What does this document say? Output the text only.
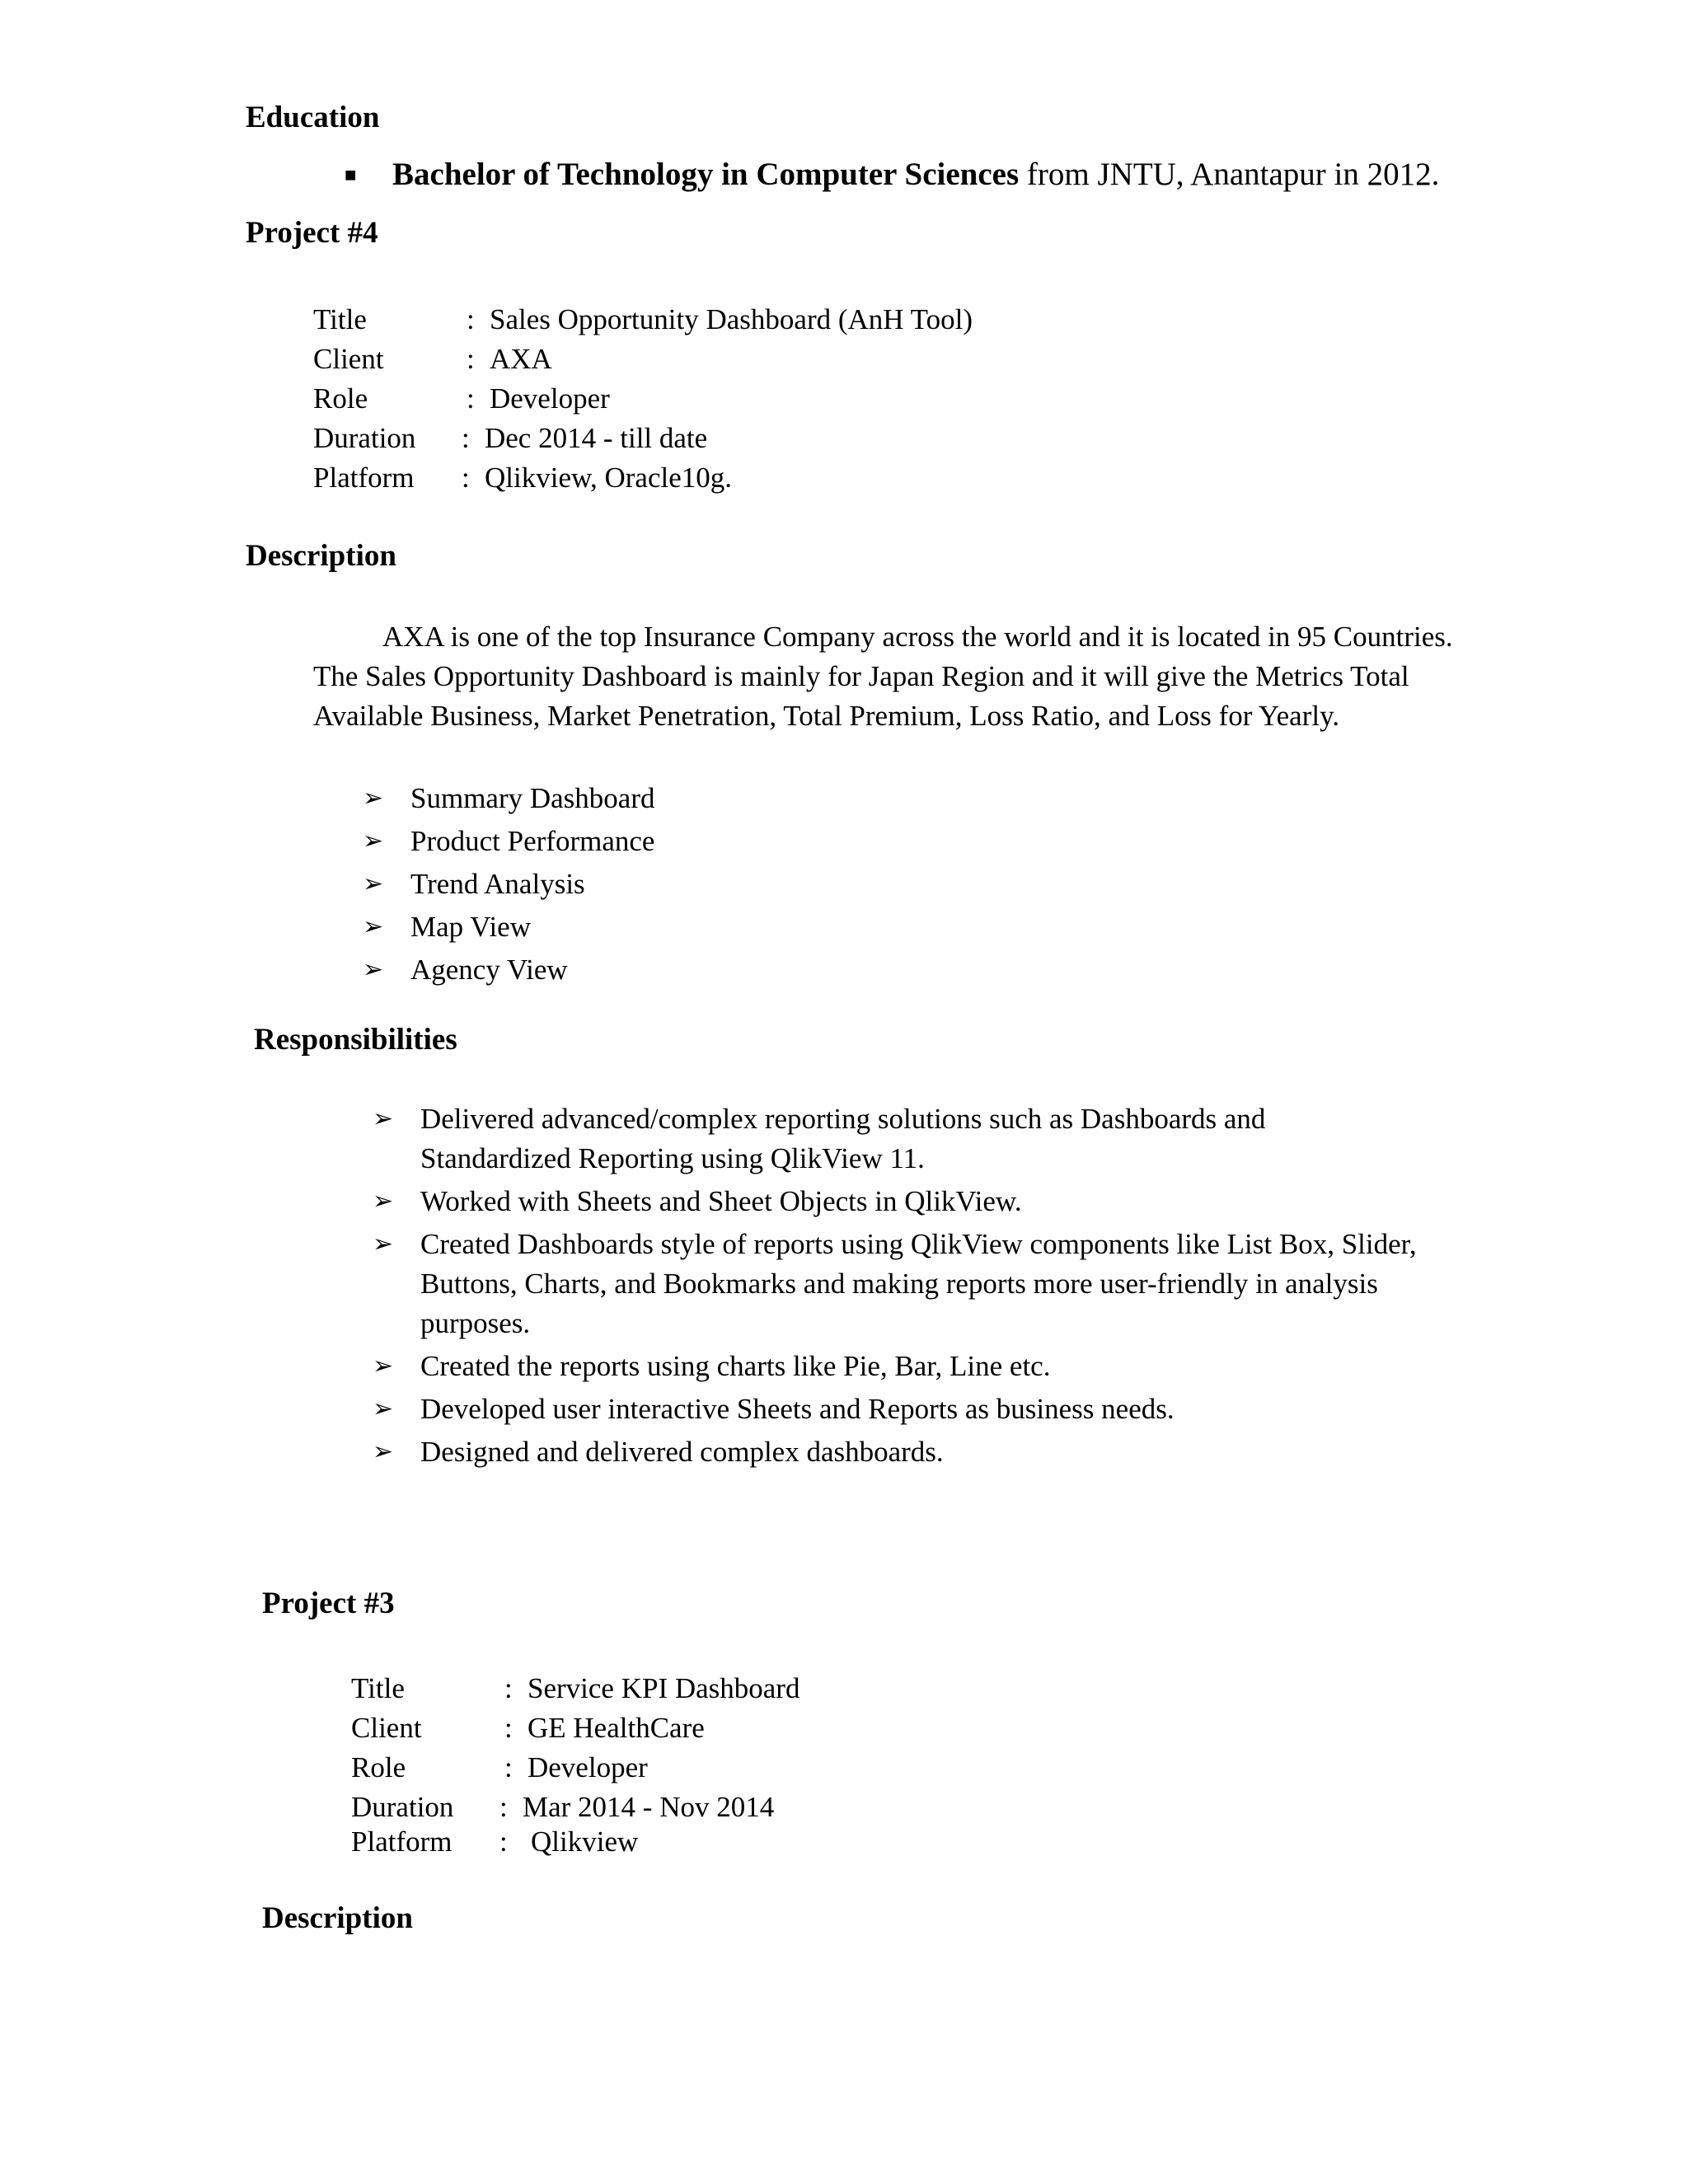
Education
■ Bachelor of Technology in Computer Sciences from JNTU, Anantapur in 2012.
Project #4
Title	: Sales Opportunity Dashboard (AnH Tool)
Client	: AXA
Role	: Developer
Duration : Dec 2014 - till date
Platform : Qlikview, Oracle10g.
Description
AXA is one of the top Insurance Company across the world and it is located in 95 Countries.
The Sales Opportunity Dashboard is mainly for Japan Region and it will give the Metrics Total
Available Business, Market Penetration, Total Premium, Loss Ratio, and Loss for Yearly.
➢ Summary Dashboard
➢ Product Performance
➢ Trend Analysis
➢ Map View
➢ Agency View
Responsibilities
➢ Delivered advanced/complex reporting solutions such as Dashboards and
Standardized Reporting using QlikView 11.
➢ Worked with Sheets and Sheet Objects in QlikView.
➢ Created Dashboards style of reports using QlikView components like List Box, Slider,
Buttons, Charts, and Bookmarks and making reports more user-friendly in analysis
purposes.
➢ Created the reports using charts like Pie, Bar, Line etc.
➢ Developed user interactive Sheets and Reports as business needs.
➢ Designed and delivered complex dashboards.
Project #3
Title	: Service KPI Dashboard
Client	: GE HealthCare
Role	: Developer
Duration : Mar 2014 - Nov 2014
Platform : Qlikview
Description
